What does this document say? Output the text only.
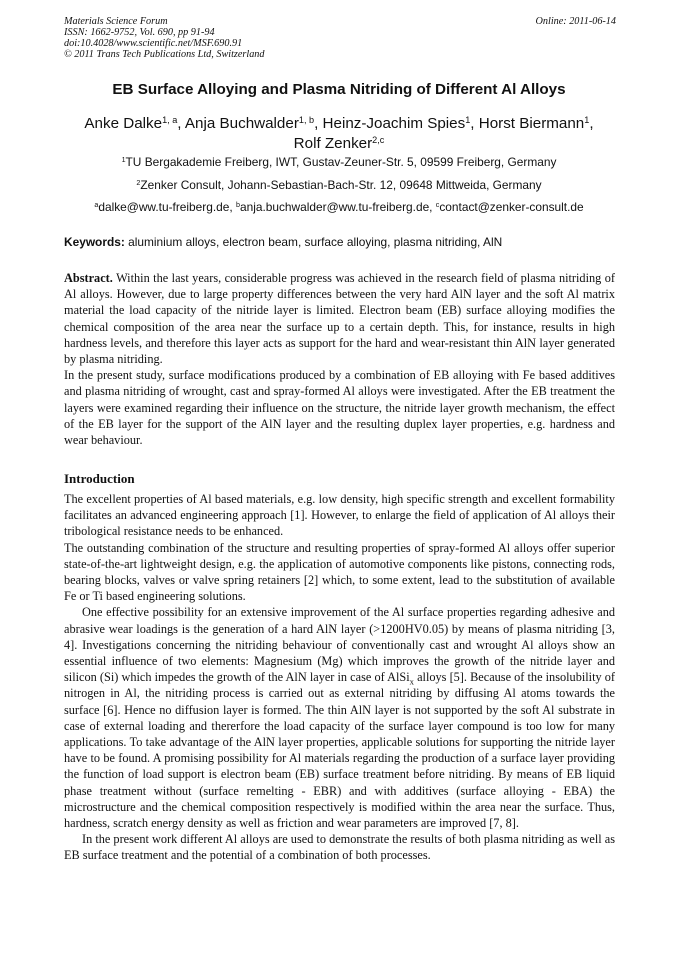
Materials Science Forum
ISSN: 1662-9752, Vol. 690, pp 91-94
doi:10.4028/www.scientific.net/MSF.690.91
© 2011 Trans Tech Publications Ltd, Switzerland
Online: 2011-06-14
EB Surface Alloying and Plasma Nitriding of Different Al Alloys
Anke Dalke$^{1, a}$, Anja Buchwalder$^{1, b}$, Heinz-Joachim Spies$^1$, Horst Biermann$^1$,
Rolf Zenker$^{2,c}$
$^1$TU Bergakademie Freiberg, IWT, Gustav-Zeuner-Str. 5, 09599 Freiberg, Germany
$^2$Zenker Consult, Johann-Sebastian-Bach-Str. 12, 09648 Mittweida, Germany
$^a$dalke@ww.tu-freiberg.de, $^b$anja.buchwalder@ww.tu-freiberg.de, $^c$contact@zenker-consult.de
Keywords: aluminium alloys, electron beam, surface alloying, plasma nitriding, AlN

Abstract. Within the last years, considerable progress was achieved in the research field of plasma nitriding of Al alloys. However, due to large property differences between the very hard AlN layer and the soft Al matrix material the load capacity of the nitride layer is limited. Electron beam (EB) surface alloying modifies the chemical composition of the area near the surface up to a certain depth. This, for instance, results in high hardness levels, and therefore this layer acts as support for the hard and wear-resistant thin AlN layer generated by plasma nitriding.

In the present study, surface modifications produced by a combination of EB alloying with Fe based additives and plasma nitriding of wrought, cast and spray-formed Al alloys were investigated. After the EB treatment the layers were examined regarding their influence on the structure, the nitride layer growth mechanism, the effect of the EB layer for the support of the AlN layer and the resulting duplex layer properties, e.g. hardness and wear behaviour.

Introduction

The excellent properties of Al based materials, e.g. low density, high specific strength and excellent formability facilitates an advanced engineering approach [1]. However, to enlarge the field of application of Al alloys their tribological resistance needs to be enhanced.

The outstanding combination of the structure and resulting properties of spray-formed Al alloys offer superior state-of-the-art lightweight design, e.g. the application of automotive components like pistons, connecting rods, bearing blocks, valves or valve spring retainers [2] which, to some extent, lead to the substitution of available Fe or Ti based engineering solutions.

One effective possibility for an extensive improvement of the Al surface properties regarding adhesive and abrasive wear loadings is the generation of a hard AlN layer (>1200HV0.05) by means of plasma nitriding [3, 4]. Investigations concerning the nitriding behaviour of conventionally cast and wrought Al alloys show an essential influence of two elements: Magnesium (Mg) which improves the growth of the nitride layer and silicon (Si) which impedes the growth of the AlN layer in case of AlSi$_x$ alloys [5]. Because of the insolubility of nitrogen in Al, the nitriding process is carried out as external nitriding by diffusing Al atoms towards the surface [6]. Hence no diffusion layer is formed. The thin AlN layer is not supported by the soft Al substrate in case of external loading and thererfore the load capacity of the surface layer compound is too low for many applications. To take advantage of the AlN layer properties, applicable solutions for supporting the nitride layer have to be found. A promising possibility for Al materials regarding the production of a surface layer providing the function of load support is electron beam (EB) surface treatment before nitriding. By means of EB liquid phase treatment without (surface remelting - EBR) and with additives (surface alloying - EBA) the microstructure and the chemical composition respectively is modified within the area near the surface. Thus, hardness, scratch energy density as well as friction and wear parameters are improved [7, 8].

In the present work different Al alloys are used to demonstrate the results of both plasma nitriding as well as EB surface treatment and the potential of a combination of both processes.
